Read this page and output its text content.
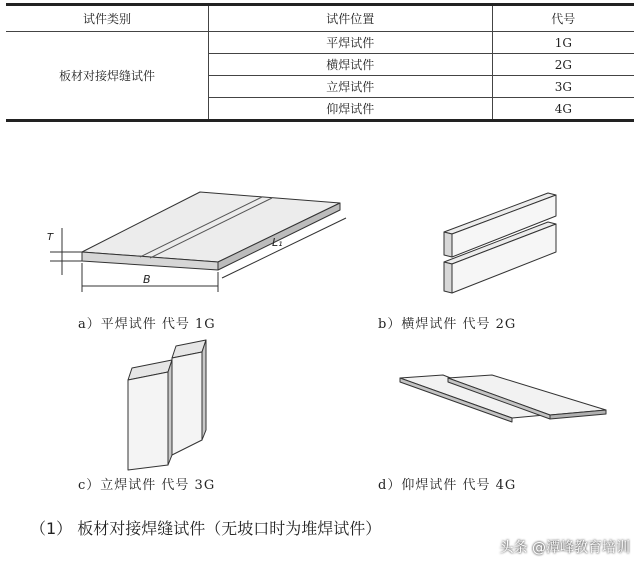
试件类别	试件位置	代号
板材对接焊缝试件	平焊试件	1G
	横焊试件	2G
	立焊试件	3G
	仰焊试件	4G
T
B
L₁
a）平焊试件 代号 1G	b）横焊试件 代号 2G
c）立焊试件 代号 3G	d）仰焊试件 代号 4G
（1） 板材对接焊缝试件（无坡口时为堆焊试件）
头条 @潭峰教育培训
